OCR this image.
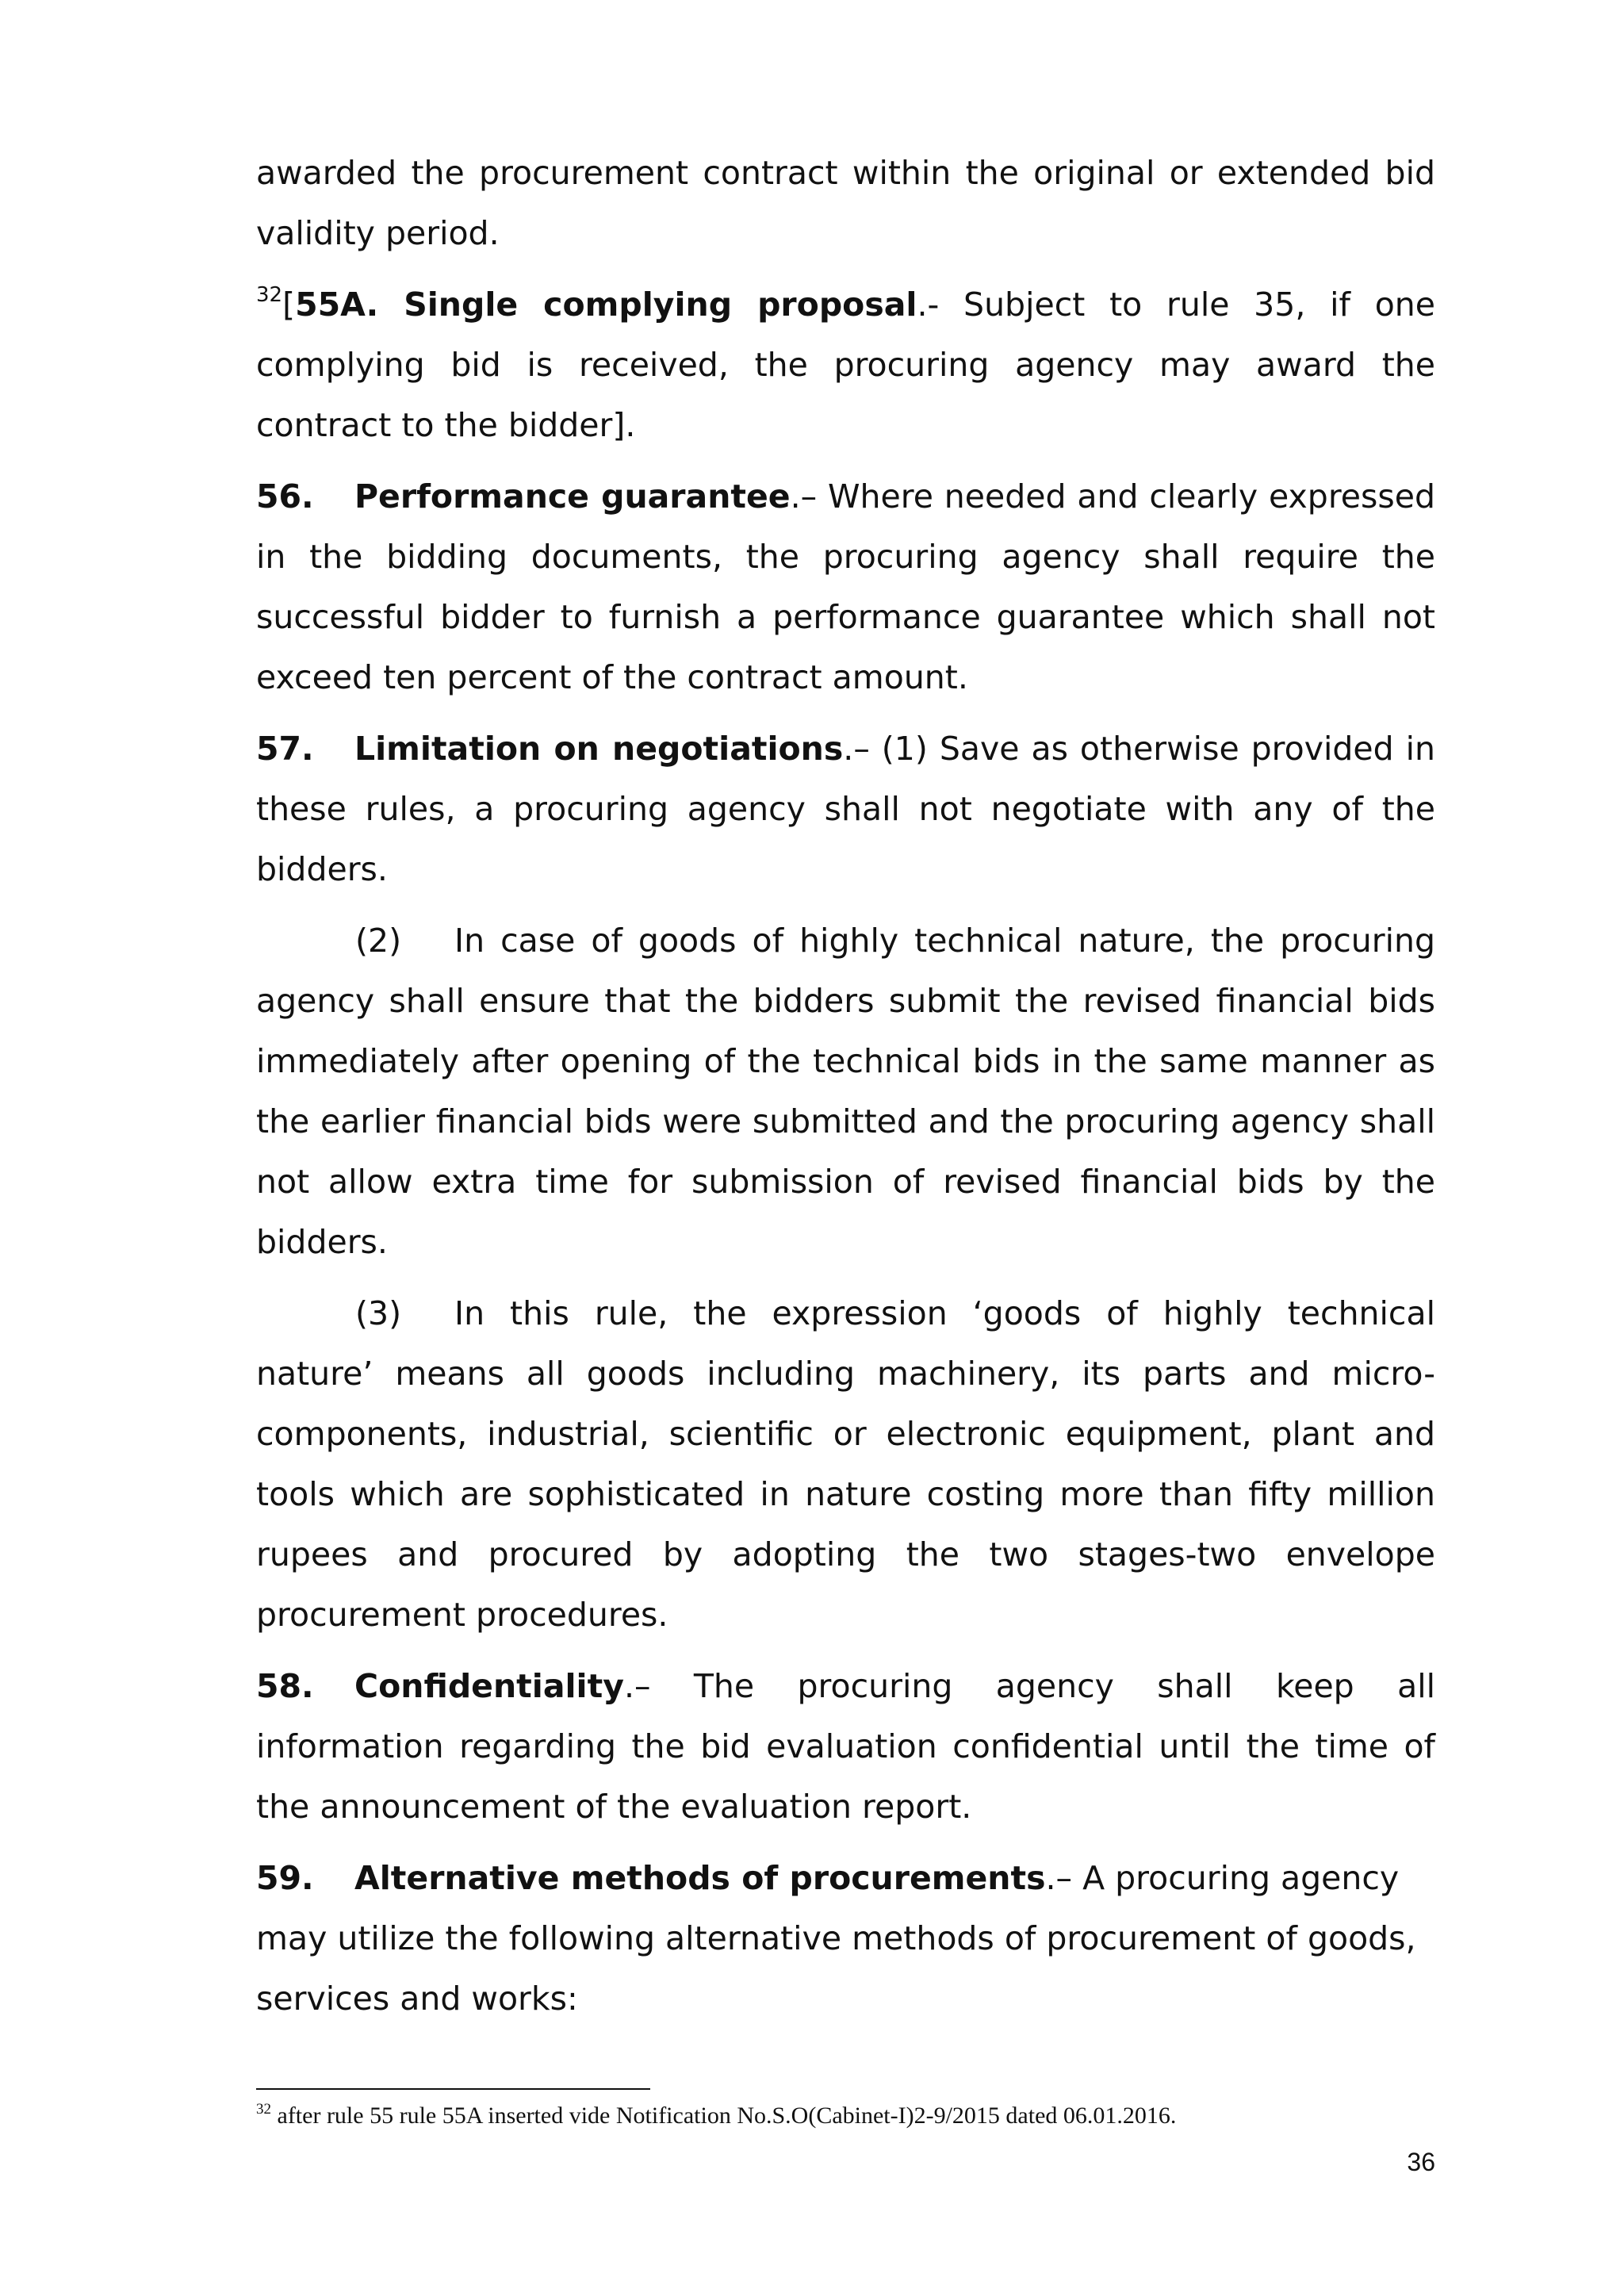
awarded the procurement contract within the original or extended bid validity period.

$^{32}$[55A. Single complying proposal.- Subject to rule 35, if one complying bid is received, the procuring agency may award the contract to the bidder].

56. Performance guarantee.– Where needed and clearly expressed in the bidding documents, the procuring agency shall require the successful bidder to furnish a performance guarantee which shall not exceed ten percent of the contract amount.

57. Limitation on negotiations.– (1) Save as otherwise provided in these rules, a procuring agency shall not negotiate with any of the bidders.

(2) In case of goods of highly technical nature, the procuring agency shall ensure that the bidders submit the revised financial bids immediately after opening of the technical bids in the same manner as the earlier financial bids were submitted and the procuring agency shall not allow extra time for submission of revised financial bids by the bidders.

(3) In this rule, the expression ‘goods of highly technical nature’ means all goods including machinery, its parts and micro-components, industrial, scientific or electronic equipment, plant and tools which are sophisticated in nature costing more than fifty million rupees and procured by adopting the two stages-two envelope procurement procedures.

58. Confidentiality.– The procuring agency shall keep all information regarding the bid evaluation confidential until the time of the announcement of the evaluation report.

59. Alternative methods of procurements.– A procuring agency may utilize the following alternative methods of procurement of goods, services and works:

$^{32}$ after rule 55 rule 55A inserted vide Notification No.S.O(Cabinet-I)2-9/2015 dated 06.01.2016.
36
